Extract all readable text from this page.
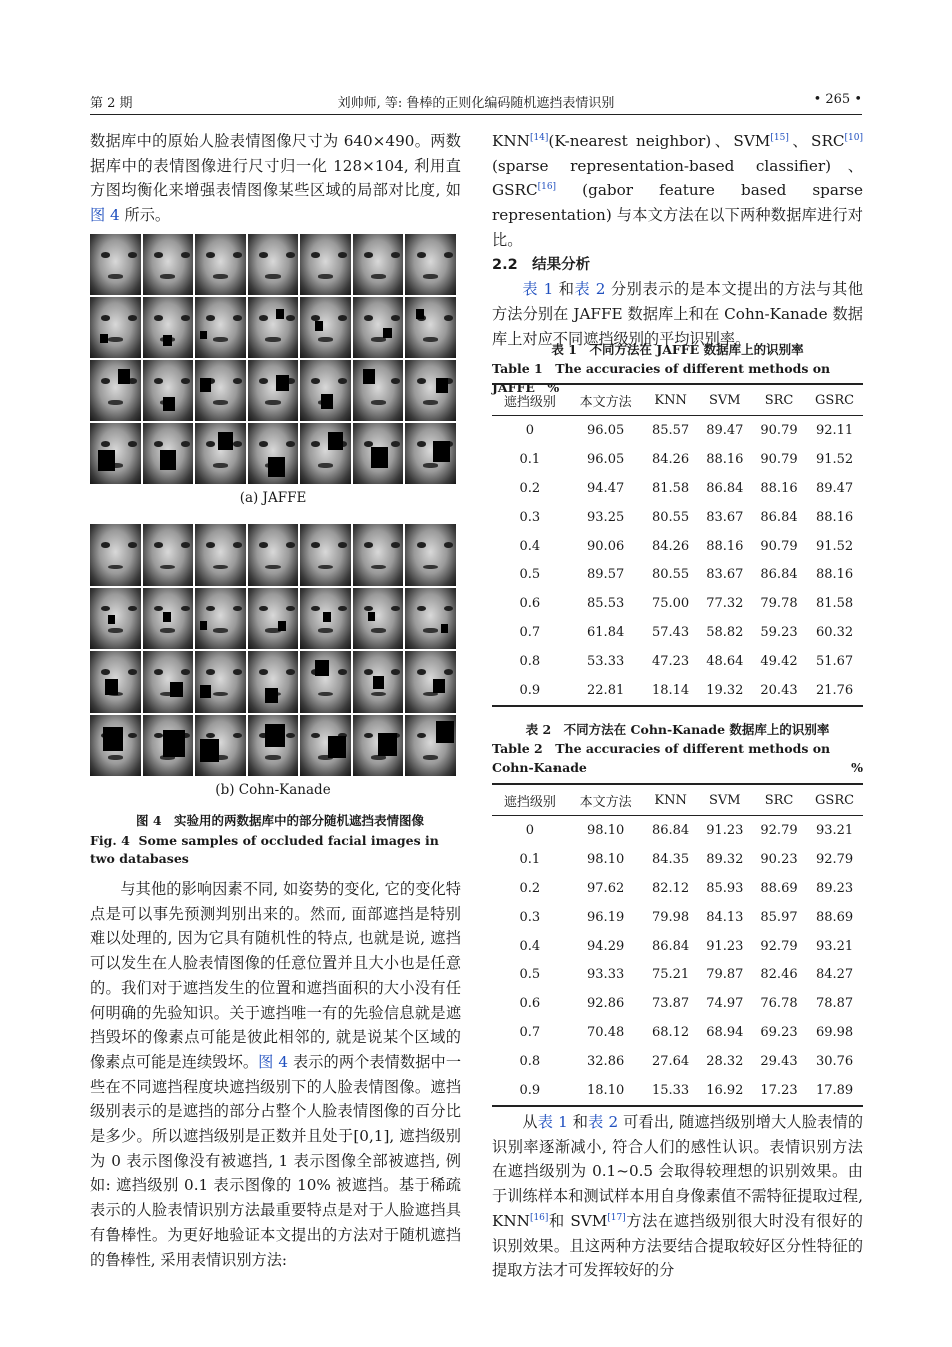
第 2 期	刘帅师, 等: 鲁棒的正则化编码随机遮挡表情识别	• 265 •

数据库中的原始人脸表情图像尺寸为 640×490。两数据库中的表情图像进行尺寸归一化 128×104, 利用直方图均衡化来增强表情图像某些区域的局部对比度, 如图 4 所示。

(a) JAFFE
(b) Cohn-Kanade
图 4　实验用的两数据库中的部分随机遮挡表情图像
Fig. 4 Some samples of occluded facial images in two databases

与其他的影响因素不同, 如姿势的变化, 它的变化特点是可以事先预测判别出来的。然而, 面部遮挡是特别难以处理的, 因为它具有随机性的特点, 也就是说, 遮挡可以发生在人脸表情图像的任意位置并且大小也是任意的。我们对于遮挡发生的位置和遮挡面积的大小没有任何明确的先验知识。关于遮挡唯一有的先验信息就是遮挡毁坏的像素点可能是彼此相邻的, 就是说某个区域的像素点可能是连续毁坏。图 4 表示的两个表情数据中一些在不同遮挡程度块遮挡级别下的人脸表情图像。遮挡级别表示的是遮挡的部分占整个人脸表情图像的百分比是多少。所以遮挡级别是正数并且处于[0,1], 遮挡级别为 0 表示图像没有被遮挡, 1 表示图像全部被遮挡, 例如: 遮挡级别 0.1 表示图像的 10% 被遮挡。基于稀疏表示的人脸表情识别方法最重要特点是对于人脸遮挡具有鲁棒性。为更好地验证本文提出的方法对于随机遮挡的鲁棒性, 采用表情识别方法:

KNN[14](K-nearest neighbor)、SVM[15]、SRC[10] (sparse representation-based classifier)、GSRC[16] (gabor feature based sparse representation) 与本文方法在以下两种数据库进行对比。

2.2　结果分析

表 1 和表 2 分别表示的是本文提出的方法与其他方法分别在 JAFFE 数据库上和在 Cohn-Kanade 数据库上对应不同遮挡级别的平均识别率。

表 1　不同方法在 JAFFE 数据库上的识别率
Table 1　The accuracies of different methods on JAFFE　%
遮挡级别	本文方法	KNN	SVM	SRC	GSRC
0	96.05	85.57	89.47	90.79	92.11
0.1	96.05	84.26	88.16	90.79	91.52
0.2	94.47	81.58	86.84	88.16	89.47
0.3	93.25	80.55	83.67	86.84	88.16
0.4	90.06	84.26	88.16	90.79	91.52
0.5	89.57	80.55	83.67	86.84	88.16
0.6	85.53	75.00	77.32	79.78	81.58
0.7	61.84	57.43	58.82	59.23	60.32
0.8	53.33	47.23	48.64	49.42	51.67
0.9	22.81	18.14	19.32	20.43	21.76
表 2　不同方法在 Cohn-Kanade 数据库上的识别率
Table 2　The accuracies of different methods on Cohn-Ka-
nade	%
遮挡级别	本文方法	KNN	SVM	SRC	GSRC
0	98.10	86.84	91.23	92.79	93.21
0.1	98.10	84.35	89.32	90.23	92.79
0.2	97.62	82.12	85.93	88.69	89.23
0.3	96.19	79.98	84.13	85.97	88.69
0.4	94.29	86.84	91.23	92.79	93.21
0.5	93.33	75.21	79.87	82.46	84.27
0.6	92.86	73.87	74.97	76.78	78.87
0.7	70.48	68.12	68.94	69.23	69.98
0.8	32.86	27.64	28.32	29.43	30.76
0.9	18.10	15.33	16.92	17.23	17.89

从表 1 和表 2 可看出, 随遮挡级别增大人脸表情的识别率逐渐减小, 符合人们的感性认识。表情识别方法在遮挡级别为 0.1~0.5 会取得较理想的识别效果。由于训练样本和测试样本用自身像素值不需特征提取过程, KNN[16]和 SVM[17]方法在遮挡级别很大时没有很好的识别效果。且这两种方法要结合提取较好区分性特征的提取方法才可发挥较好的分
